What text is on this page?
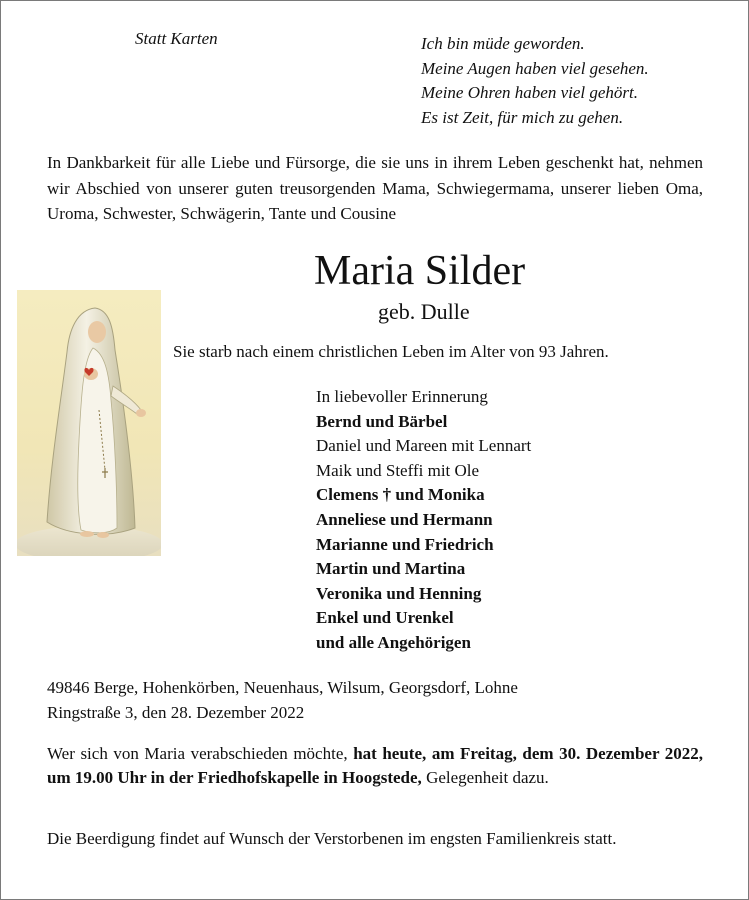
Statt Karten	Ich bin müde geworden.
Meine Augen haben viel gesehen.
Meine Ohren haben viel gehört.
Es ist Zeit, für mich zu gehen.
In Dankbarkeit für alle Liebe und Fürsorge, die sie uns in ihrem Leben geschenkt hat, nehmen wir Abschied von unserer guten treusorgenden Mama, Schwiegermama, unserer lieben Oma, Uroma, Schwester, Schwägerin, Tante und Cousine
Maria Silder
geb. Dulle
Sie starb nach einem christlichen Leben im Alter von 93 Jahren.
In liebevoller Erinnerung
Bernd und Bärbel
Daniel und Mareen mit Lennart
Maik und Steffi mit Ole
Clemens † und Monika
Anneliese und Hermann
Marianne und Friedrich
Martin und Martina
Veronika und Henning
Enkel und Urenkel
und alle Angehörigen
49846 Berge, Hohenkörben, Neuenhaus, Wilsum, Georgsdorf, Lohne
Ringstraße 3, den 28. Dezember 2022
Wer sich von Maria verabschieden möchte, hat heute, am Freitag, dem 30. Dezember 2022, um 19.00 Uhr in der Friedhofskapelle in Hoogstede, Gelegenheit dazu.
Die Beerdigung findet auf Wunsch der Verstorbenen im engsten Familienkreis statt.
